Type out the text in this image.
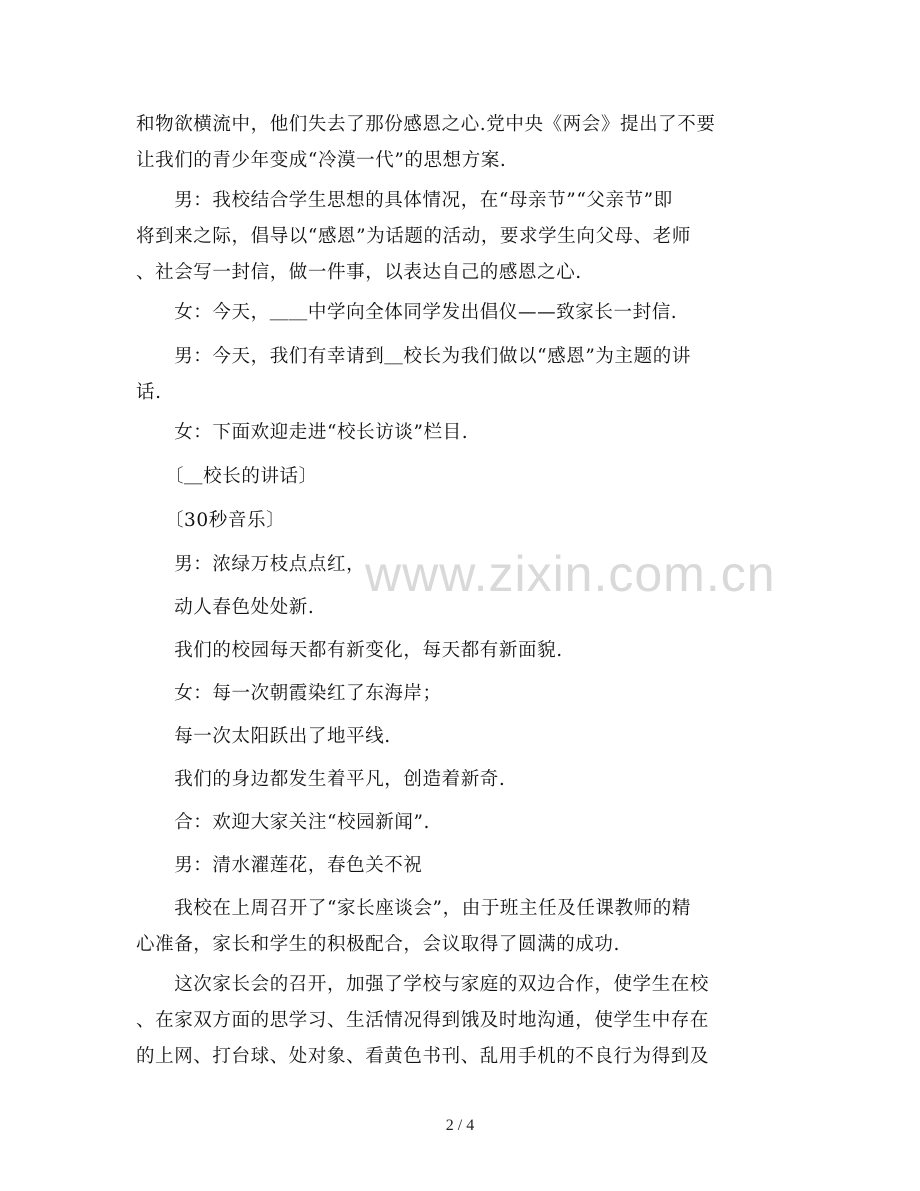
www.zixin.com.cn
和物欲横流中，他们失去了那份感恩之心.党中央《两会》提出了不要
让我们的青少年变成“冷漠一代”的思想方案.
　　男：我校结合学生思想的具体情况，在“母亲节”“父亲节”即
将到来之际，倡导以“感恩”为话题的活动，要求学生向父母、老师
、社会写一封信，做一件事，以表达自己的感恩之心.
　　女：今天，＿＿中学向全体同学发出倡仪——致家长一封信.
　　男：今天，我们有幸请到＿校长为我们做以“感恩”为主题的讲
话.
　　女：下面欢迎走进“校长访谈”栏目.
　　〔＿校长的讲话〕
　　〔30秒音乐〕
　　男：浓绿万枝点点红，
　　动人春色处处新.
　　我们的校园每天都有新变化，每天都有新面貌.
　　女：每一次朝霞染红了东海岸；
　　每一次太阳跃出了地平线.
　　我们的身边都发生着平凡，创造着新奇.
　　合：欢迎大家关注“校园新闻”.
　　男：清水濯莲花，春色关不祝
　　我校在上周召开了“家长座谈会”，由于班主任及任课教师的精
心准备，家长和学生的积极配合，会议取得了圆满的成功.
　　这次家长会的召开，加强了学校与家庭的双边合作，使学生在校
、在家双方面的思学习、生活情况得到饿及时地沟通，使学生中存在
的上网、打台球、处对象、看黄色书刊、乱用手机的不良行为得到及
2 / 4
